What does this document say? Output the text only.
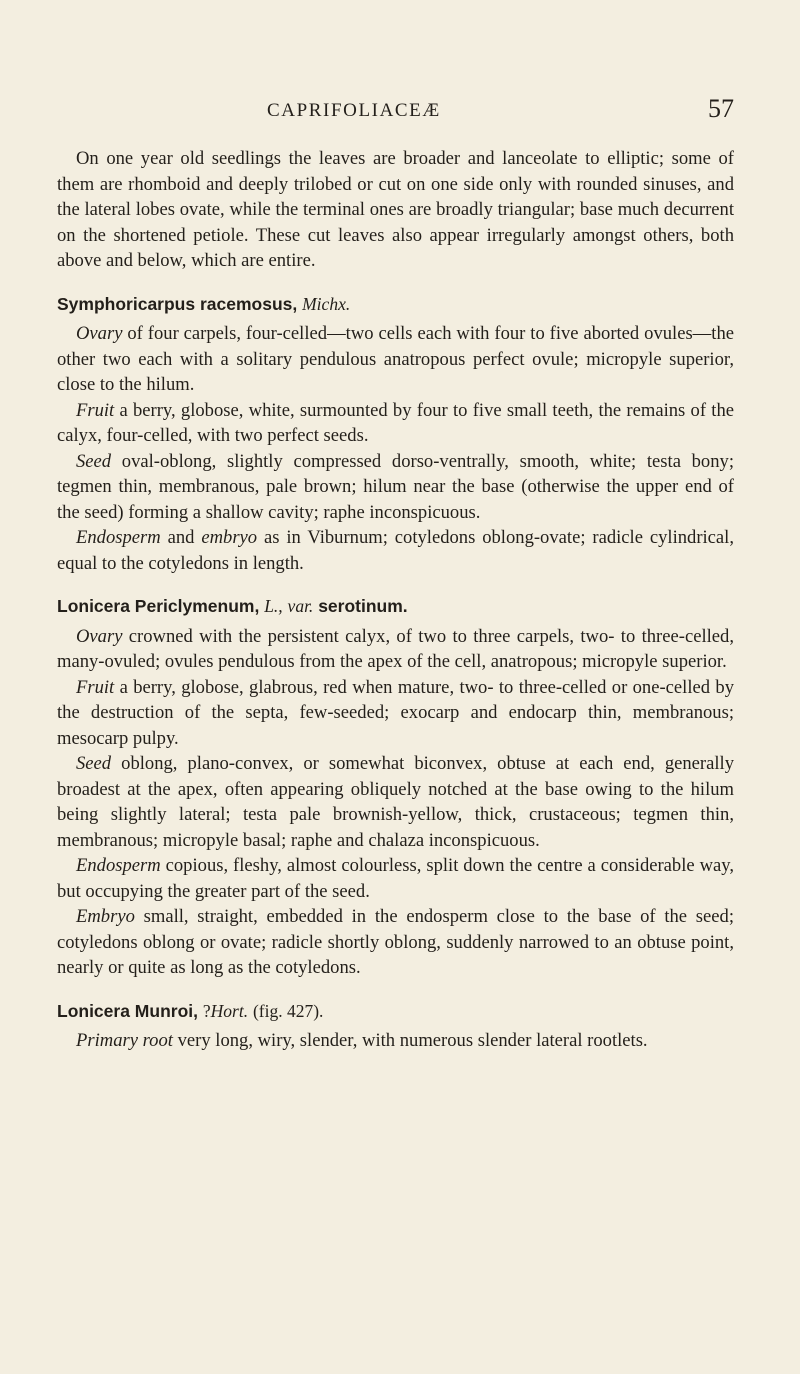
CAPRIFOLIACEÆ	57

On one year old seedlings the leaves are broader and lanceolate to elliptic; some of them are rhomboid and deeply trilobed or cut on one side only with rounded sinuses, and the lateral lobes ovate, while the terminal ones are broadly triangular; base much decurrent on the shortened petiole. These cut leaves also appear irregularly amongst others, both above and below, which are entire.

Symphoricarpus racemosus, Michx.

Ovary of four carpels, four-celled—two cells each with four to five aborted ovules—the other two each with a solitary pendulous anatropous perfect ovule; micropyle superior, close to the hilum.

Fruit a berry, globose, white, surmounted by four to five small teeth, the remains of the calyx, four-celled, with two perfect seeds.

Seed oval-oblong, slightly compressed dorso-ventrally, smooth, white; testa bony; tegmen thin, membranous, pale brown; hilum near the base (otherwise the upper end of the seed) forming a shallow cavity; raphe inconspicuous.

Endosperm and embryo as in Viburnum; cotyledons oblong-ovate; radicle cylindrical, equal to the cotyledons in length.

Lonicera Periclymenum, L., var. serotinum.

Ovary crowned with the persistent calyx, of two to three carpels, two- to three-celled, many-ovuled; ovules pendulous from the apex of the cell, anatropous; micropyle superior.

Fruit a berry, globose, glabrous, red when mature, two- to three-celled or one-celled by the destruction of the septa, few-seeded; exocarp and endocarp thin, membranous; mesocarp pulpy.

Seed oblong, plano-convex, or somewhat biconvex, obtuse at each end, generally broadest at the apex, often appearing obliquely notched at the base owing to the hilum being slightly lateral; testa pale brownish-yellow, thick, crustaceous; tegmen thin, membranous; micropyle basal; raphe and chalaza inconspicuous.

Endosperm copious, fleshy, almost colourless, split down the centre a considerable way, but occupying the greater part of the seed.

Embryo small, straight, embedded in the endosperm close to the base of the seed; cotyledons oblong or ovate; radicle shortly oblong, suddenly narrowed to an obtuse point, nearly or quite as long as the cotyledons.

Lonicera Munroi, ?Hort. (fig. 427).

Primary root very long, wiry, slender, with numerous slender lateral rootlets.
